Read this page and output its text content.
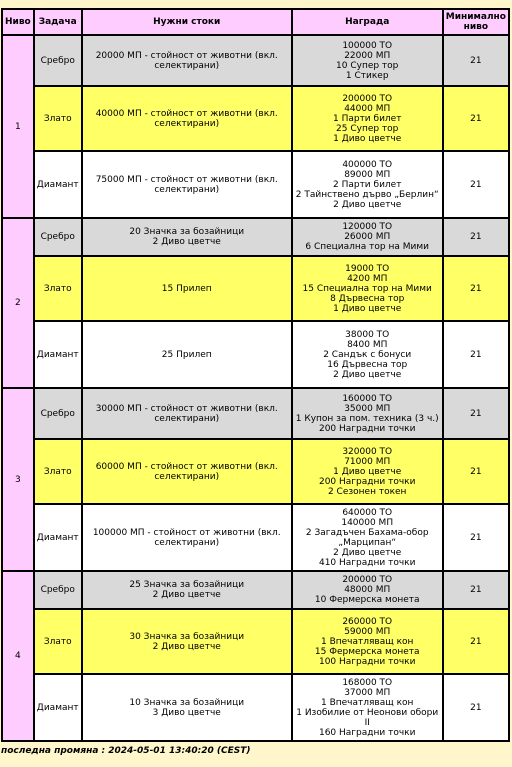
Ниво	Задача	Нужни стоки	Награда	Минимално ниво
1	Сребро	20000 МП - стойност от животни (вкл. селектирани)	100000 ТО
22000 МП
10 Супер тор
1 Стикер	21
	Злато	40000 МП - стойност от животни (вкл. селектирани)	200000 ТО
44000 МП
1 Парти билет
25 Супер тор
1 Диво цветче	21
	Диамант	75000 МП - стойност от животни (вкл. селектирани)	400000 ТО
89000 МП
2 Парти билет
2 Тайнствено дърво „Берлин“
2 Диво цветче	21
2	Сребро	20 Значка за бозайници
2 Диво цветче	120000 ТО
26000 МП
6 Специална тор на Мими	21
	Злато	15 Прилеп	19000 ТО
4200 МП
15 Специална тор на Мими
8 Дървесна тор
1 Диво цветче	21
	Диамант	25 Прилеп	38000 ТО
8400 МП
2 Сандък с бонуси
16 Дървесна тор
2 Диво цветче	21
3	Сребро	30000 МП - стойност от животни (вкл. селектирани)	160000 ТО
35000 МП
1 Купон за пом. техника (3 ч.)
200 Наградни точки	21
	Злато	60000 МП - стойност от животни (вкл. селектирани)	320000 ТО
71000 МП
1 Диво цветче
200 Наградни точки
2 Сезонен токен	21
	Диамант	100000 МП - стойност от животни (вкл. селектирани)	640000 ТО
140000 МП
2 Загадъчен Бахама-обор „Марципан“
2 Диво цветче
410 Наградни точки	21
4	Сребро	25 Значка за бозайници
2 Диво цветче	200000 ТО
48000 МП
10 Фермерска монета	21
	Злато	30 Значка за бозайници
2 Диво цветче	260000 ТО
59000 МП
1 Впечатляващ кон
15 Фермерска монета
100 Наградни точки	21
	Диамант	10 Значка за бозайници
3 Диво цветче	168000 ТО
37000 МП
1 Впечатляващ кон
1 Изобилие от Неонови обори II
160 Наградни точки	21
последна промяна : 2024-05-01 13:40:20 (CEST)
